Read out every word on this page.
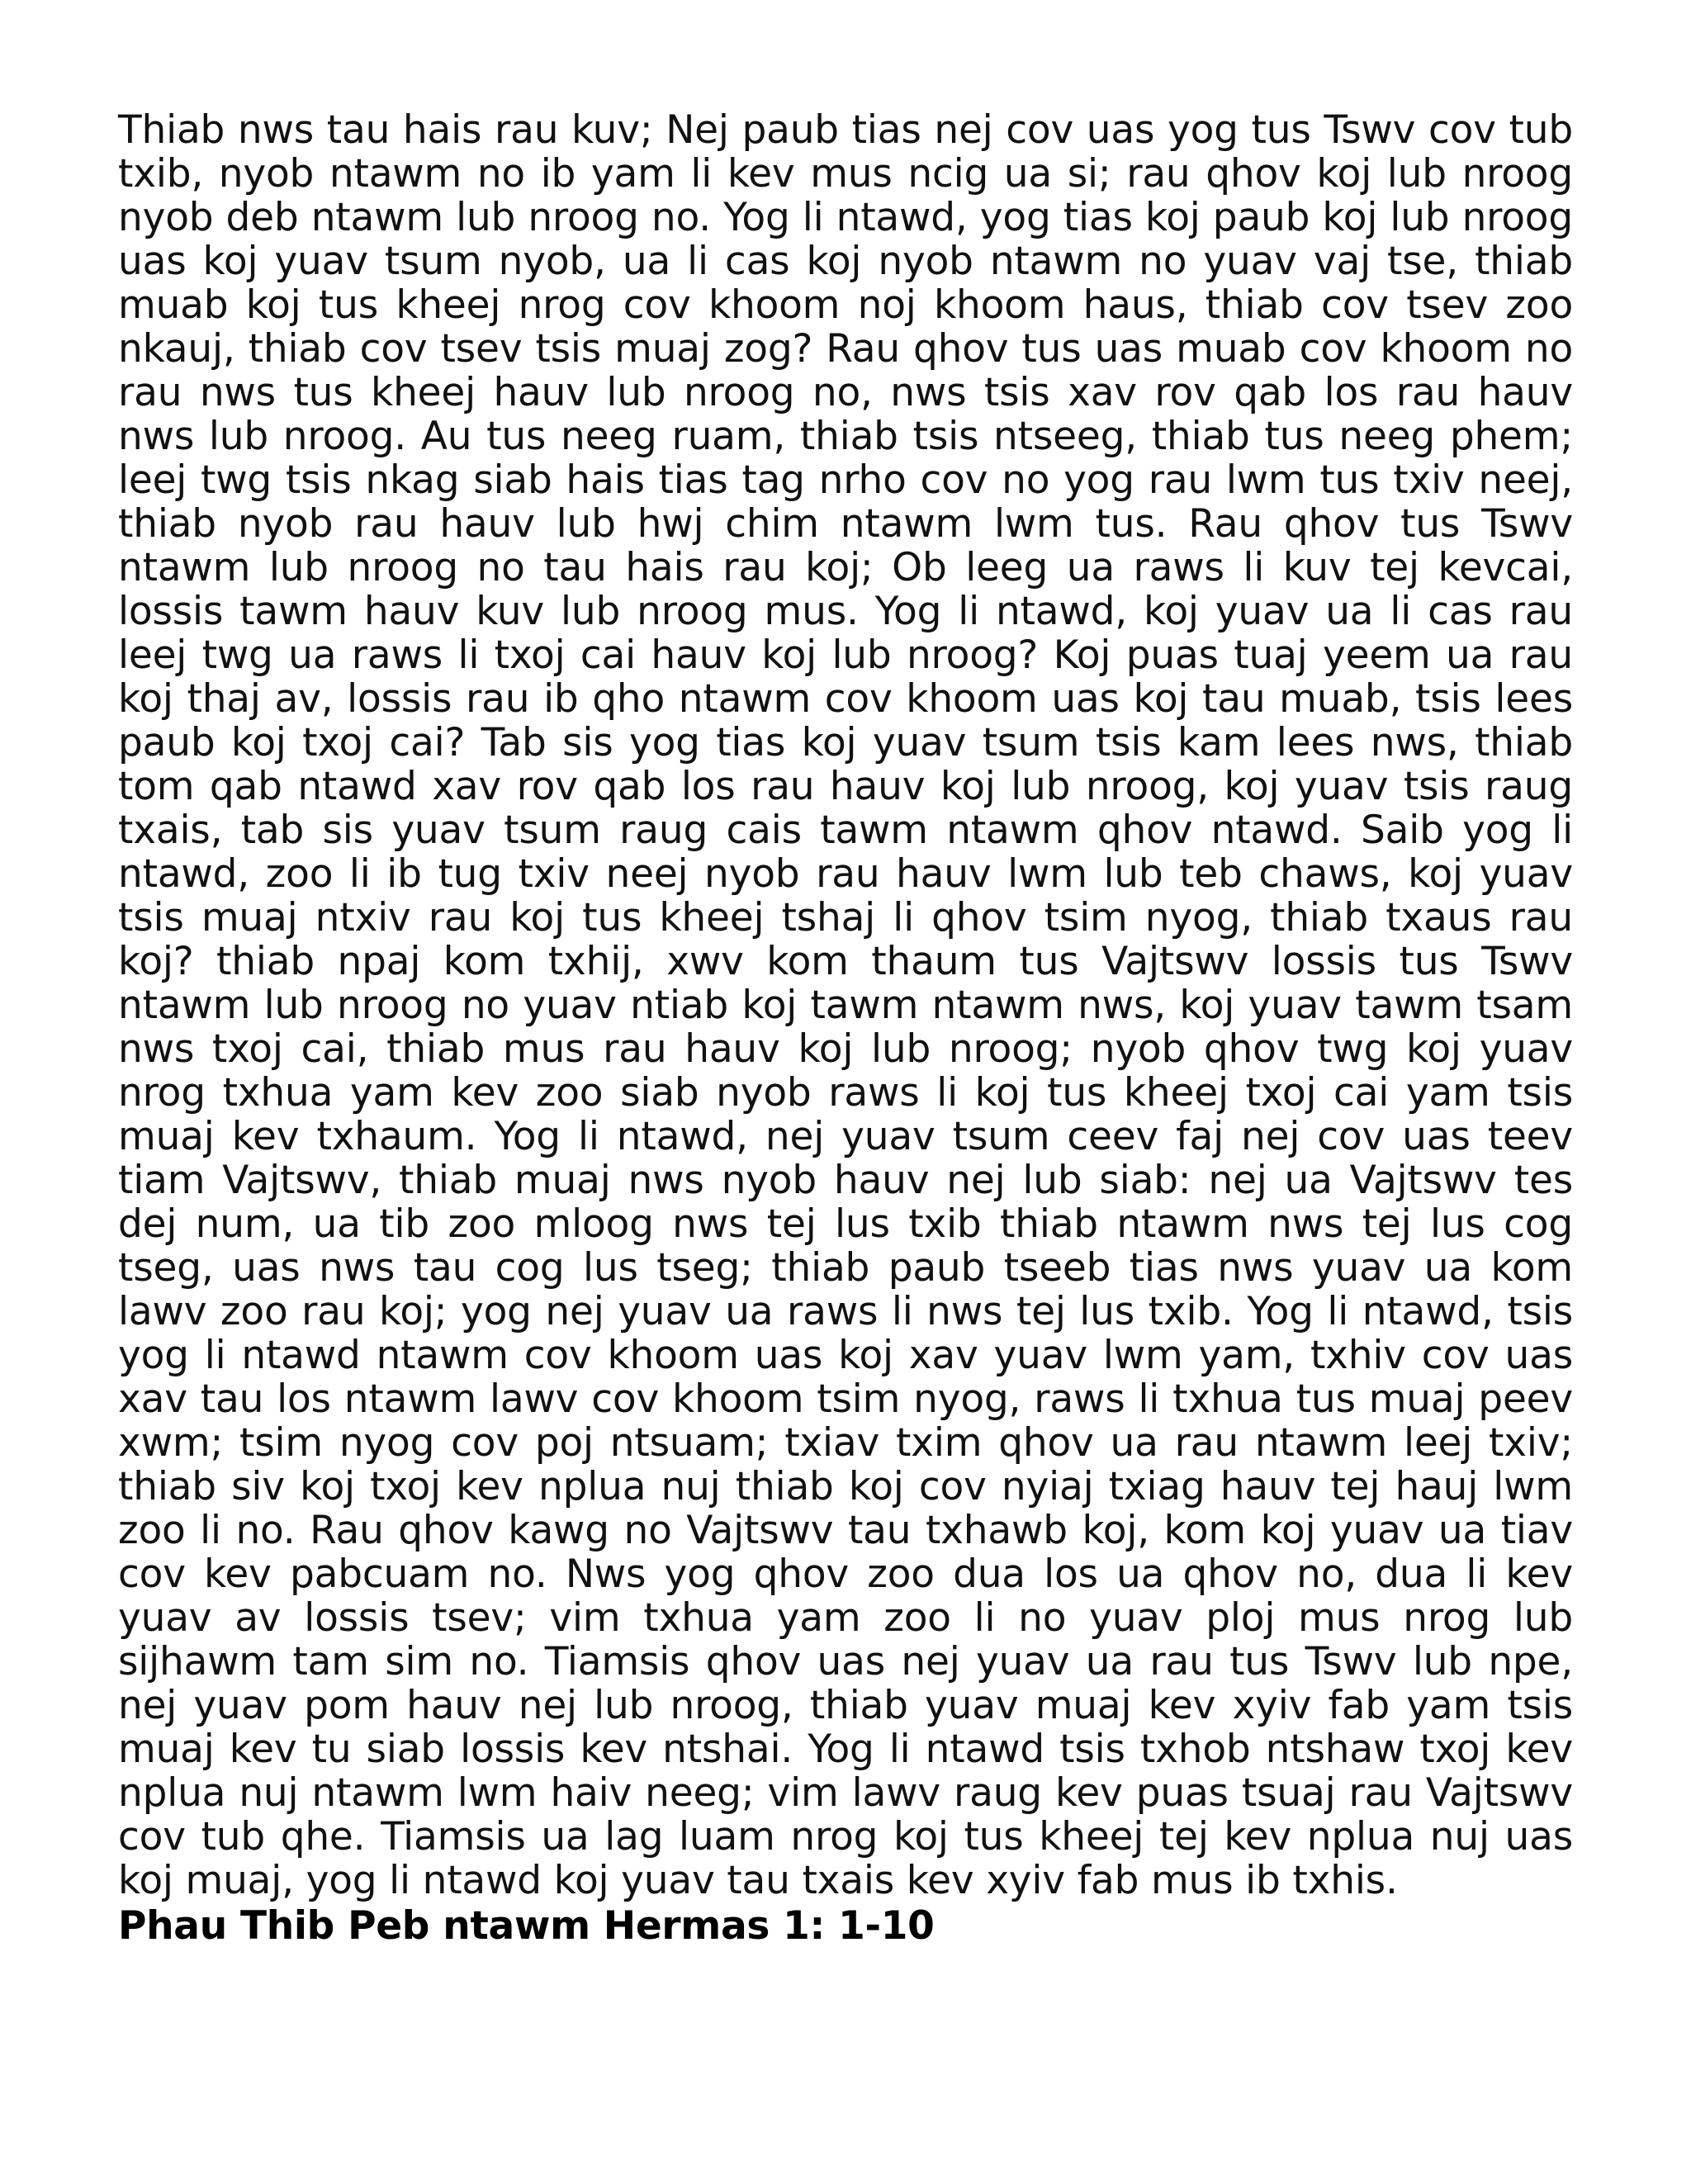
Thiab nws tau hais rau kuv; Nej paub tias nej cov uas yog tus Tswv cov tub txib, nyob ntawm no ib yam li kev mus ncig ua si; rau qhov koj lub nroog nyob deb ntawm lub nroog no. Yog li ntawd, yog tias koj paub koj lub nroog uas koj yuav tsum nyob, ua li cas koj nyob ntawm no yuav vaj tse, thiab muab koj tus kheej nrog cov khoom noj khoom haus, thiab cov tsev zoo nkauj, thiab cov tsev tsis muaj zog? Rau qhov tus uas muab cov khoom no rau nws tus kheej hauv lub nroog no, nws tsis xav rov qab los rau hauv nws lub nroog. Au tus neeg ruam, thiab tsis ntseeg, thiab tus neeg phem; leej twg tsis nkag siab hais tias tag nrho cov no yog rau lwm tus txiv neej, thiab nyob rau hauv lub hwj chim ntawm lwm tus. Rau qhov tus Tswv ntawm lub nroog no tau hais rau koj; Ob leeg ua raws li kuv tej kevcai, lossis tawm hauv kuv lub nroog mus. Yog li ntawd, koj yuav ua li cas rau leej twg ua raws li txoj cai hauv koj lub nroog? Koj puas tuaj yeem ua rau koj thaj av, lossis rau ib qho ntawm cov khoom uas koj tau muab, tsis lees paub koj txoj cai? Tab sis yog tias koj yuav tsum tsis kam lees nws, thiab tom qab ntawd xav rov qab los rau hauv koj lub nroog, koj yuav tsis raug txais, tab sis yuav tsum raug cais tawm ntawm qhov ntawd. Saib yog li ntawd, zoo li ib tug txiv neej nyob rau hauv lwm lub teb chaws, koj yuav tsis muaj ntxiv rau koj tus kheej tshaj li qhov tsim nyog, thiab txaus rau koj? thiab npaj kom txhij, xwv kom thaum tus Vajtswv lossis tus Tswv ntawm lub nroog no yuav ntiab koj tawm ntawm nws, koj yuav tawm tsam nws txoj cai, thiab mus rau hauv koj lub nroog; nyob qhov twg koj yuav nrog txhua yam kev zoo siab nyob raws li koj tus kheej txoj cai yam tsis muaj kev txhaum. Yog li ntawd, nej yuav tsum ceev faj nej cov uas teev tiam Vajtswv, thiab muaj nws nyob hauv nej lub siab: nej ua Vajtswv tes dej num, ua tib zoo mloog nws tej lus txib thiab ntawm nws tej lus cog tseg, uas nws tau cog lus tseg; thiab paub tseeb tias nws yuav ua kom lawv zoo rau koj; yog nej yuav ua raws li nws tej lus txib. Yog li ntawd, tsis yog li ntawd ntawm cov khoom uas koj xav yuav lwm yam, txhiv cov uas xav tau los ntawm lawv cov khoom tsim nyog, raws li txhua tus muaj peev xwm; tsim nyog cov poj ntsuam; txiav txim qhov ua rau ntawm leej txiv; thiab siv koj txoj kev nplua nuj thiab koj cov nyiaj txiag hauv tej hauj lwm zoo li no. Rau qhov kawg no Vajtswv tau txhawb koj, kom koj yuav ua tiav cov kev pabcuam no. Nws yog qhov zoo dua los ua qhov no, dua li kev yuav av lossis tsev; vim txhua yam zoo li no yuav ploj mus nrog lub sijhawm tam sim no. Tiamsis qhov uas nej yuav ua rau tus Tswv lub npe, nej yuav pom hauv nej lub nroog, thiab yuav muaj kev xyiv fab yam tsis muaj kev tu siab lossis kev ntshai. Yog li ntawd tsis txhob ntshaw txoj kev nplua nuj ntawm lwm haiv neeg; vim lawv raug kev puas tsuaj rau Vajtswv cov tub qhe. Tiamsis ua lag luam nrog koj tus kheej tej kev nplua nuj uas koj muaj, yog li ntawd koj yuav tau txais kev xyiv fab mus ib txhis.

Phau Thib Peb ntawm Hermas 1: 1-10
